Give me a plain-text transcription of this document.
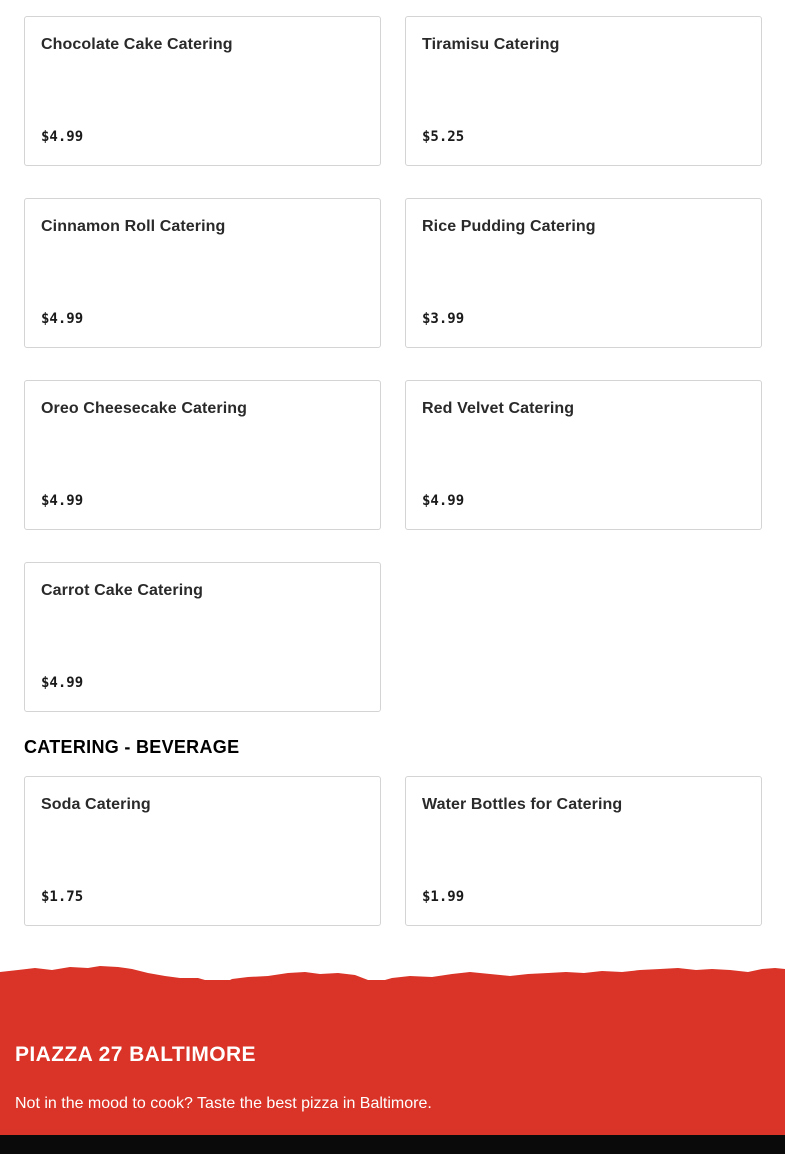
Chocolate Cake Catering
$4.99
Tiramisu Catering
$5.25
Cinnamon Roll Catering
$4.99
Rice Pudding Catering
$3.99
Oreo Cheesecake Catering
$4.99
Red Velvet Catering
$4.99
Carrot Cake Catering
$4.99
CATERING - BEVERAGE
Soda Catering
$1.75
Water Bottles for Catering
$1.99
PIAZZA 27 BALTIMORE
Not in the mood to cook? Taste the best pizza in Baltimore.
